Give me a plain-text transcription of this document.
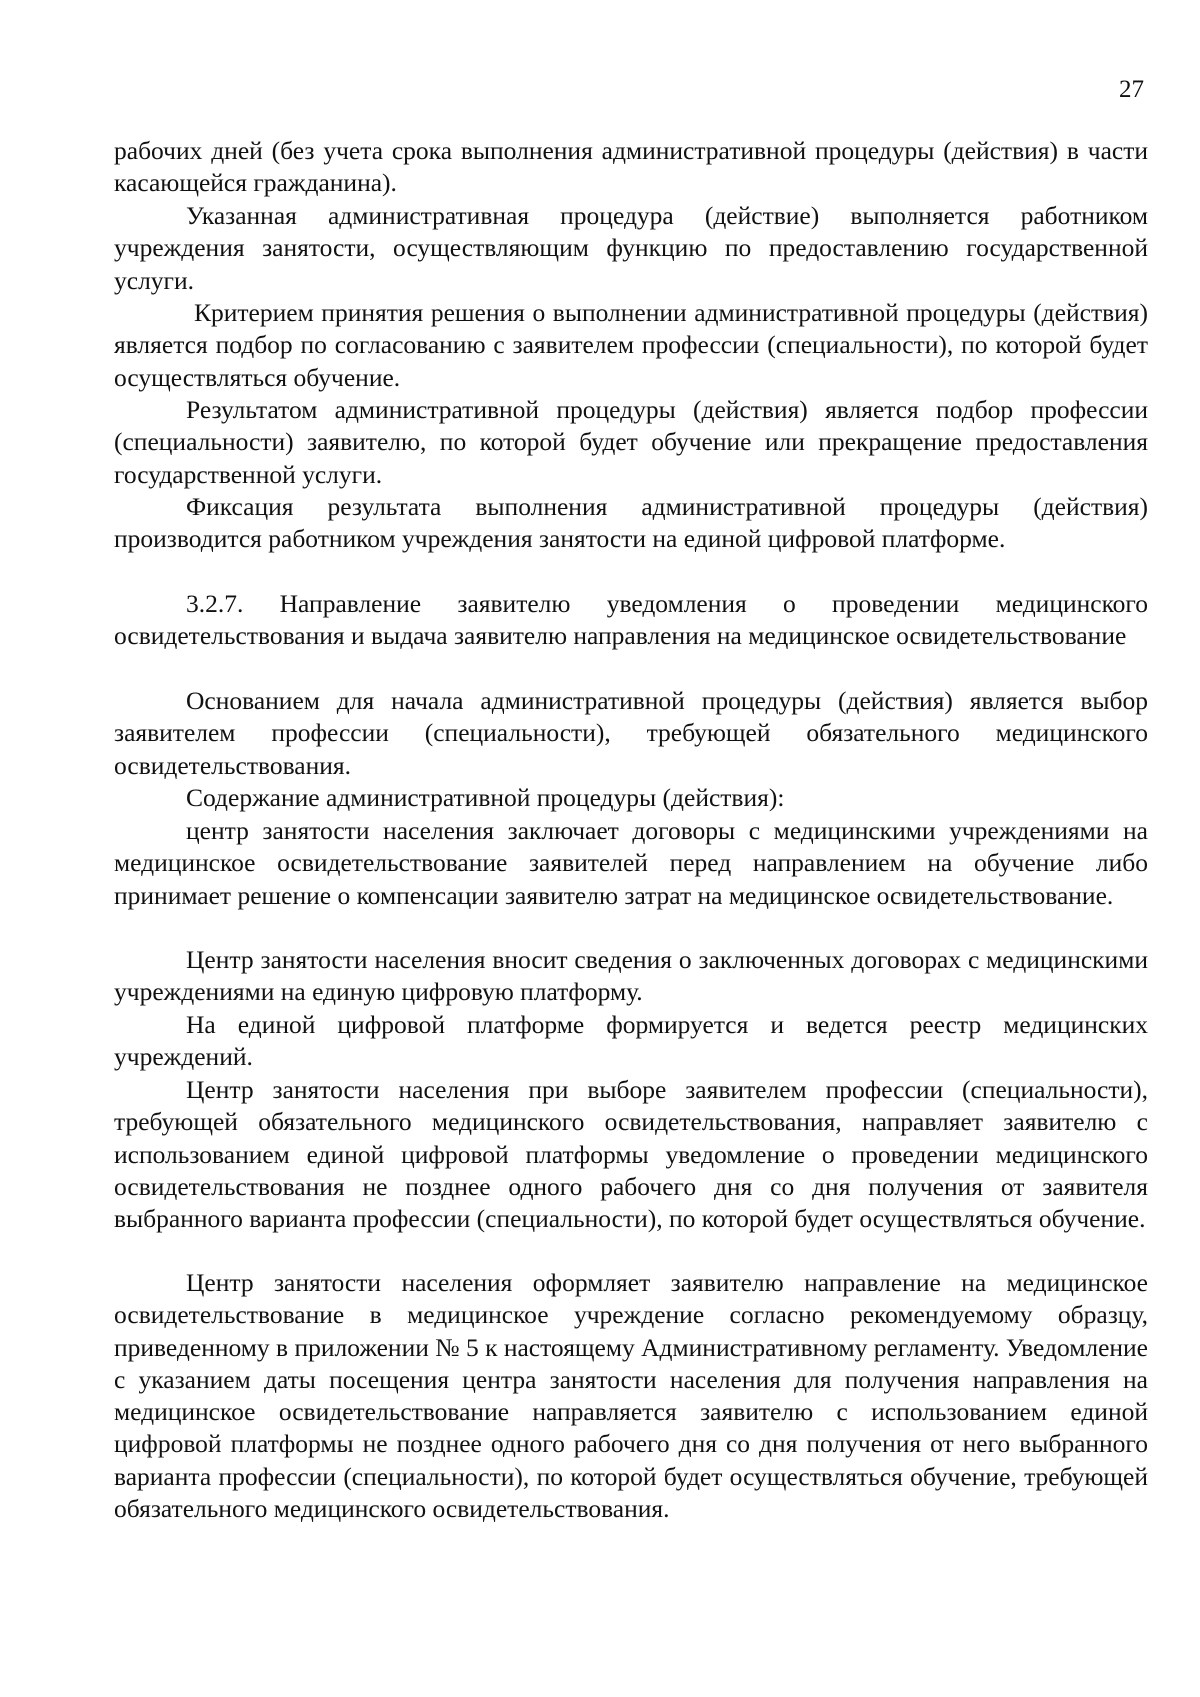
27

рабочих дней (без учета срока выполнения административной процедуры (действия) в части касающейся гражданина).

Указанная административная процедура (действие) выполняется работником учреждения занятости, осуществляющим функцию по предоставлению государственной услуги.

Критерием принятия решения о выполнении административной процедуры (действия) является подбор по согласованию с заявителем профессии (специальности), по которой будет осуществляться обучение.

Результатом административной процедуры (действия) является подбор профессии (специальности) заявителю, по которой будет обучение или прекращение предоставления государственной услуги.

Фиксация результата выполнения административной процедуры (действия) производится работником учреждения занятости на единой цифровой платформе.

3.2.7. Направление заявителю уведомления о проведении медицинского освидетельствования и выдача заявителю направления на медицинское освидетельствование

Основанием для начала административной процедуры (действия) является выбор заявителем профессии (специальности), требующей обязательного медицинского освидетельствования.

Содержание административной процедуры (действия):

центр занятости населения заключает договоры с медицинскими учреждениями на медицинское освидетельствование заявителей перед направлением на обучение либо принимает решение о компенсации заявителю затрат на медицинское освидетельствование.

Центр занятости населения вносит сведения о заключенных договорах с медицинскими учреждениями на единую цифровую платформу.

На единой цифровой платформе формируется и ведется реестр медицинских учреждений.

Центр занятости населения при выборе заявителем профессии (специальности), требующей обязательного медицинского освидетельствования, направляет заявителю с использованием единой цифровой платформы уведомление о проведении медицинского освидетельствования не позднее одного рабочего дня со дня получения от заявителя выбранного варианта профессии (специальности), по которой будет осуществляться обучение.

Центр занятости населения оформляет заявителю направление на медицинское освидетельствование в медицинское учреждение согласно рекомендуемому образцу, приведенному в приложении № 5 к настоящему Административному регламенту. Уведомление с указанием даты посещения центра занятости населения для получения направления на медицинское освидетельствование направляется заявителю с использованием единой цифровой платформы не позднее одного рабочего дня со дня получения от него выбранного варианта профессии (специальности), по которой будет осуществляться обучение, требующей обязательного медицинского освидетельствования.
